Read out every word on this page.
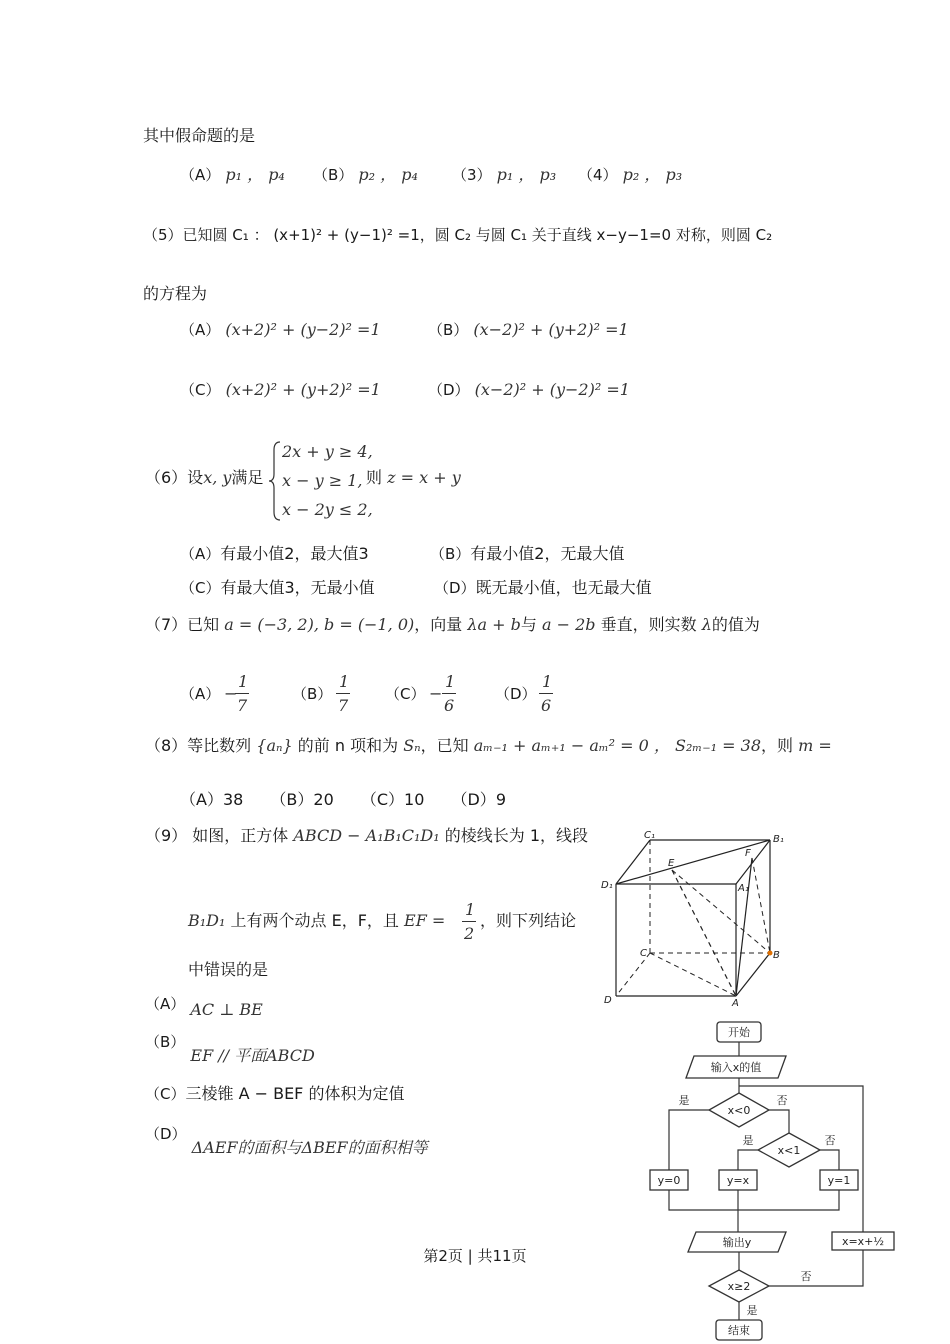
其中假命题的是
（A） p₁ ， p₄ （B） p₂ ， p₄ （3） p₁ ， p₃ （4） p₂ ， p₃
（5）已知圆 C₁ ： (x+1)² + (y−1)² =1，圆 C₂ 与圆 C₁ 关于直线 x−y−1=0 对称，则圆 C₂
的方程为
（A） (x+2)² + (y−2)² =1	（B） (x−2)² + (y+2)² =1
（C） (x+2)² + (y+2)² =1	（D） (x−2)² + (y−2)² =1
（6）设x, y满足
2x + y ≥ 4,
x − y ≥ 1,
x − 2y ≤ 2,
则 z = x + y
（A）有最小值2，最大值3	（B）有最小值2，无最大值
（C）有最大值3，无最小值	（D）既无最小值，也无最大值
（7）已知 a = (−3, 2), b = (−1, 0)，向量 λa + b与 a − 2b 垂直，则实数 λ的值为
（A） −
1
7
（B）
1
7
（C） −
1
6
（D）
1
6
（8）等比数列 {aₙ} 的前 n 项和为 Sₙ，已知 aₘ₋₁ + aₘ₊₁ − aₘ² = 0 ， S₂ₘ₋₁ = 38，则 m =
（A）38 （B）20 （C）10 （D）9
（9） 如图，正方体 ABCD − A₁B₁C₁D₁ 的棱线长为 1，线段
B₁D₁ 上有两个动点 E，F，且 EF =
1
2
，则下列结论
中错误的是
（A） AC ⊥ BE
（B） EF // 平面ABCD
（C）三棱锥 A − BEF 的体积为定值
（D） ΔAEF的面积与ΔBEF的面积相等
C₁	B₁
D₁	A₁
E
F
C	B
D	A
开始
输入x的值
x<0
是	否
x<1
是	否
y=0	y=x	y=1
输出y
x≥2
否
是
x=x+½
结束
第2页 | 共11页
